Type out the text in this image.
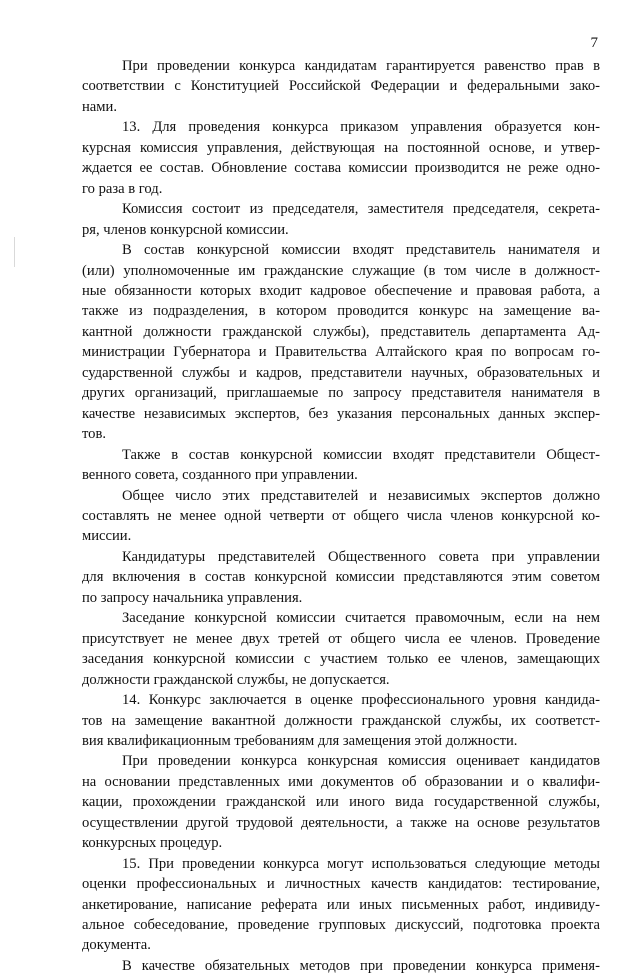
7
При проведении конкурса кандидатам гарантируется равенство прав в
соответствии с Конституцией Российской Федерации и федеральными зако-
нами.
13. Для проведения конкурса приказом управления образуется кон-
курсная комиссия управления, действующая на постоянной основе, и утвер-
ждается ее состав. Обновление состава комиссии производится не реже одно-
го раза в год.
Комиссия состоит из председателя, заместителя председателя, секрета-
ря, членов конкурсной комиссии.
В состав конкурсной комиссии входят представитель нанимателя и
(или) уполномоченные им гражданские служащие (в том числе в должност-
ные обязанности которых входит кадровое обеспечение и правовая работа, а
также из подразделения, в котором проводится конкурс на замещение ва-
кантной должности гражданской службы), представитель департамента Ад-
министрации Губернатора и Правительства Алтайского края по вопросам го-
сударственной службы и кадров, представители научных, образовательных и
других организаций, приглашаемые по запросу представителя нанимателя в
качестве независимых экспертов, без указания персональных данных экспер-
тов.
Также в состав конкурсной комиссии входят представители Общест-
венного совета, созданного при управлении.
Общее число этих представителей и независимых экспертов должно
составлять не менее одной четверти от общего числа членов конкурсной ко-
миссии.
Кандидатуры представителей Общественного совета при управлении
для включения в состав конкурсной комиссии представляются этим советом
по запросу начальника управления.
Заседание конкурсной комиссии считается правомочным, если на нем
присутствует не менее двух третей от общего числа ее членов. Проведение
заседания конкурсной комиссии с участием только ее членов, замещающих
должности гражданской службы, не допускается.
14. Конкурс заключается в оценке профессионального уровня кандида-
тов на замещение вакантной должности гражданской службы, их соответст-
вия квалификационным требованиям для замещения этой должности.
При проведении конкурса конкурсная комиссия оценивает кандидатов
на основании представленных ими документов об образовании и о квалифи-
кации, прохождении гражданской или иного вида государственной службы,
осуществлении другой трудовой деятельности, а также на основе результатов
конкурсных процедур.
15. При проведении конкурса могут использоваться следующие методы
оценки профессиональных и личностных качеств кандидатов: тестирование,
анкетирование, написание реферата или иных письменных работ, индивиду-
альное собеседование, проведение групповых дискуссий, подготовка проекта
документа.
В качестве обязательных методов при проведении конкурса применя-
